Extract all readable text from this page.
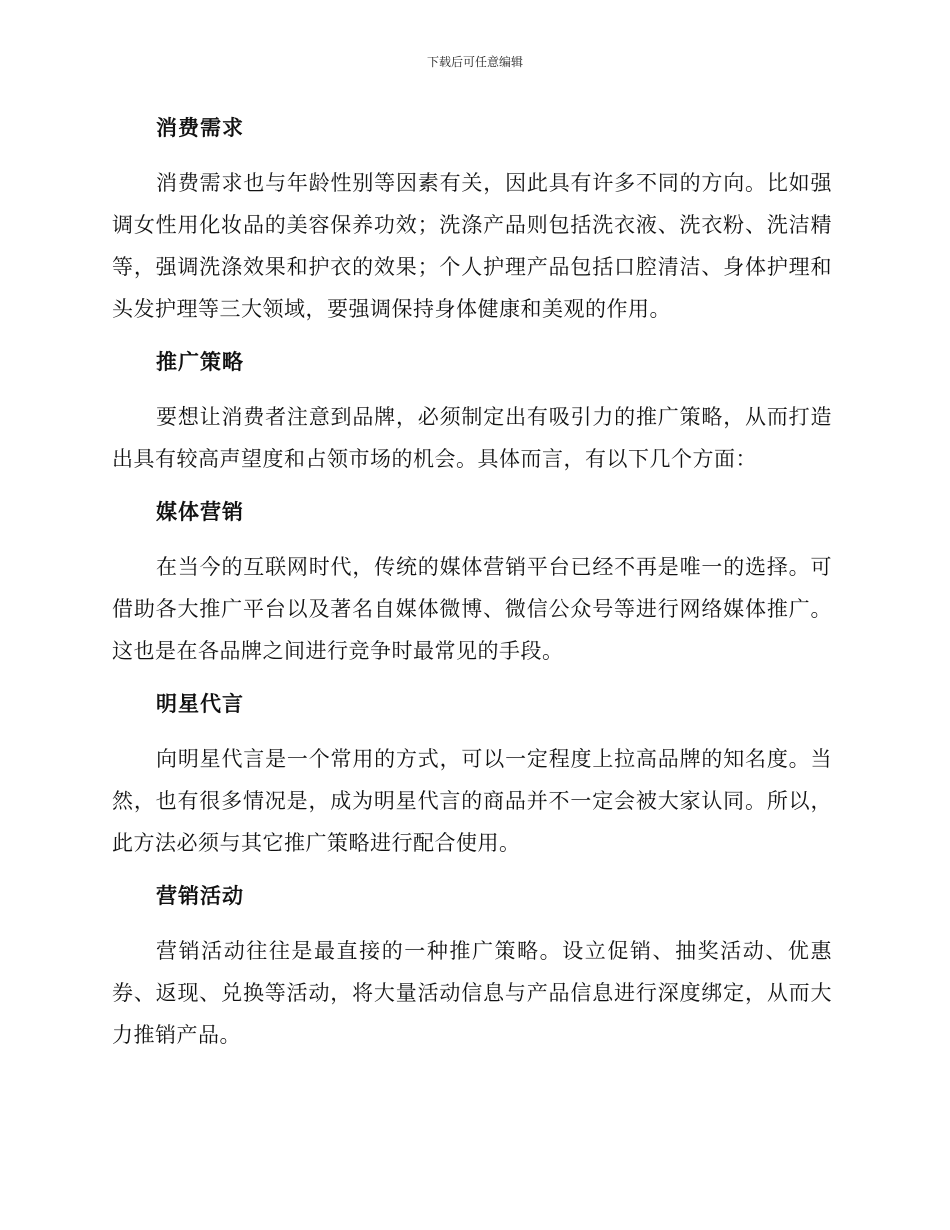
下载后可任意编辑
消费需求

消费需求也与年龄性别等因素有关，因此具有许多不同的方向。比如强调女性用化妆品的美容保养功效；洗涤产品则包括洗衣液、洗衣粉、洗洁精等，强调洗涤效果和护衣的效果；个人护理产品包括口腔清洁、身体护理和头发护理等三大领域，要强调保持身体健康和美观的作用。

推广策略

要想让消费者注意到品牌，必须制定出有吸引力的推广策略，从而打造出具有较高声望度和占领市场的机会。具体而言，有以下几个方面：

媒体营销

在当今的互联网时代，传统的媒体营销平台已经不再是唯一的选择。可借助各大推广平台以及著名自媒体微博、微信公众号等进行网络媒体推广。这也是在各品牌之间进行竞争时最常见的手段。

明星代言

向明星代言是一个常用的方式，可以一定程度上拉高品牌的知名度。当然，也有很多情况是，成为明星代言的商品并不一定会被大家认同。所以，此方法必须与其它推广策略进行配合使用。

营销活动

营销活动往往是最直接的一种推广策略。设立促销、抽奖活动、优惠券、返现、兑换等活动，将大量活动信息与产品信息进行深度绑定，从而大力推销产品。
